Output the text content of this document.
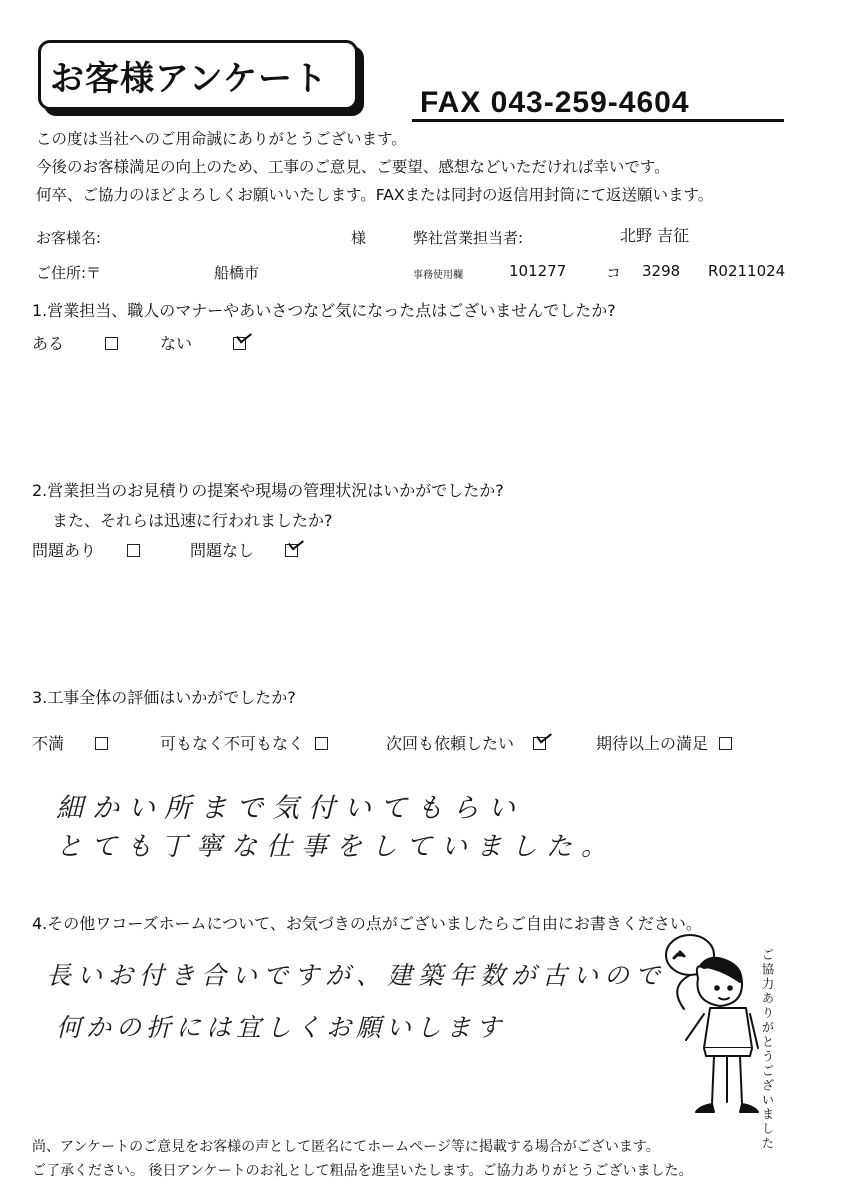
お客様アンケート
FAX 043-259-4604
この度は当社へのご用命誠にありがとうございます。
今後のお客様満足の向上のため、工事のご意見、ご要望、感想などいただければ幸いです。
何卒、ご協力のほどよろしくお願いいたします。FAXまたは同封の返信用封筒にて返送願います。
お客様名:	様	弊社営業担当者:	北野 吉征
ご住所:〒	船橋市	事務使用欄	101277	コ 3298 R0211024
1.営業担当、職人のマナーやあいさつなど気になった点はございませんでしたか?
ある	ない
2.営業担当のお見積りの提案や現場の管理状況はいかがでしたか?
また、それらは迅速に行われましたか?
問題あり	問題なし
3.工事全体の評価はいかがでしたか?
不満	可もなく不可もなく	次回も依頼したい	期待以上の満足
細かい所まで気付いてもらい
とても丁寧な仕事をしていました。
4.その他ワコーズホームについて、お気づきの点がございましたらご自由にお書きください。
長いお付き合いですが、建築年数が古いので
何かの折には宜しくお願いします	ご協力ありがとうございました
尚、アンケートのご意見をお客様の声として匿名にてホームページ等に掲載する場合がございます。
ご了承ください。 後日アンケートのお礼として粗品を進呈いたします。ご協力ありがとうございました。
